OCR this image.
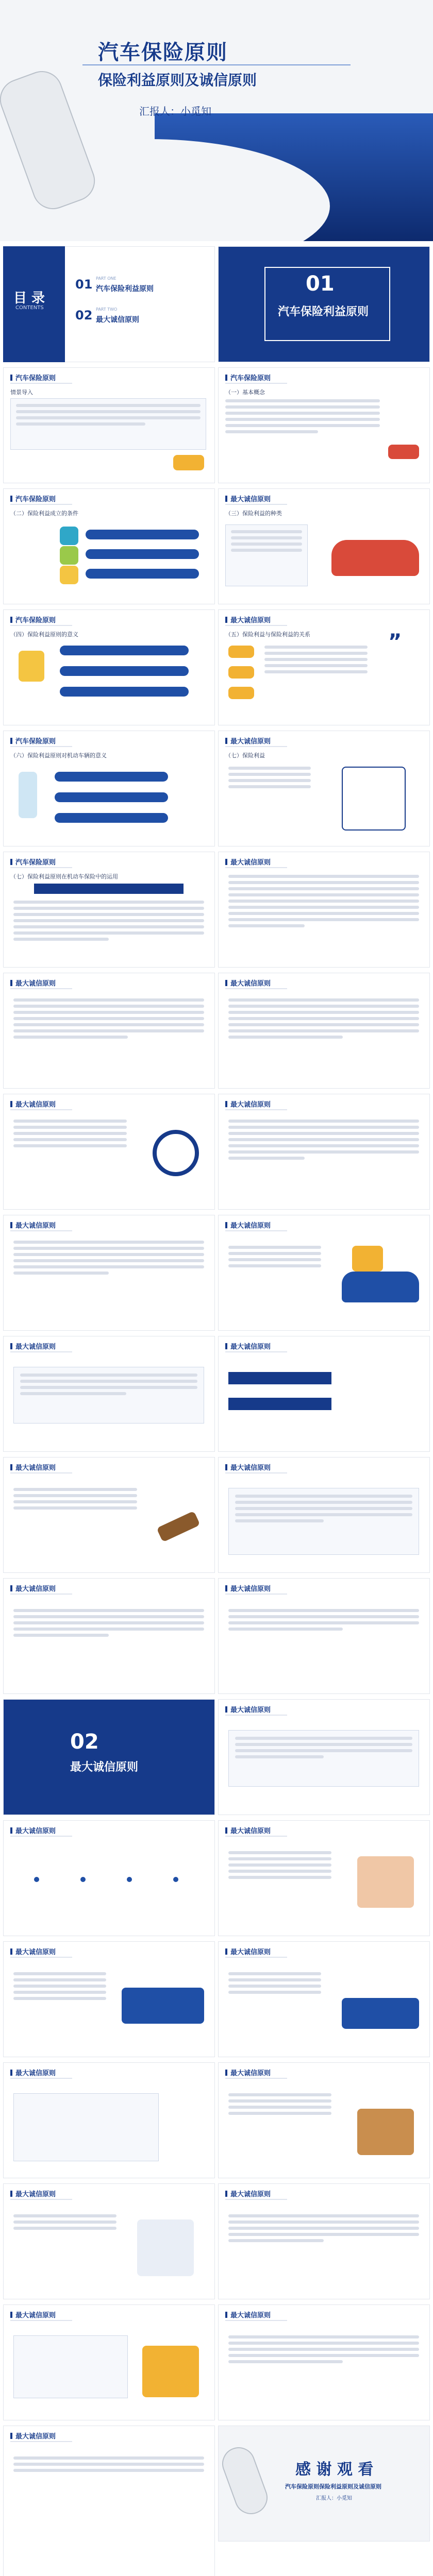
汽车保险原则
保险利益原则及诚信原则
汇报人：小觅知
目 录
CONTENTS
01 PART ONE
汽车保险利益原则
02 PART TWO
最大诚信原则
01
汽车保险利益原则
汽车保险原则
情景导入
汽车保险原则
（一）基本概念
汽车保险原则
（二）保险利益成立的条件

最大诚信原则
（三）保险利益的种类
汽车保险原则
（四）保险利益原则的意义

最大诚信原则
（五）保险利益与保险利益的关系	”
汽车保险原则
（六）保险利益原则对机动车辆的意义

最大诚信原则
（七）保险利益
汽车保险原则
（七）保险利益原则在机动车保险中的运用
最大诚信原则
最大诚信原则	最大诚信原则
最大诚信原则	最大诚信原则
最大诚信原则	最大诚信原则
最大诚信原则	最大诚信原则
最大诚信原则	最大诚信原则
最大诚信原则	最大诚信原则
02
最大诚信原则
最大诚信原则
最大诚信原则	最大诚信原则
最大诚信原则	最大诚信原则
最大诚信原则	最大诚信原则
最大诚信原则	最大诚信原则
最大诚信原则	最大诚信原则
最大诚信原则
感 谢 观 看
汽车保险原则保险利益原则及诚信原则
汇报人：小觅知
